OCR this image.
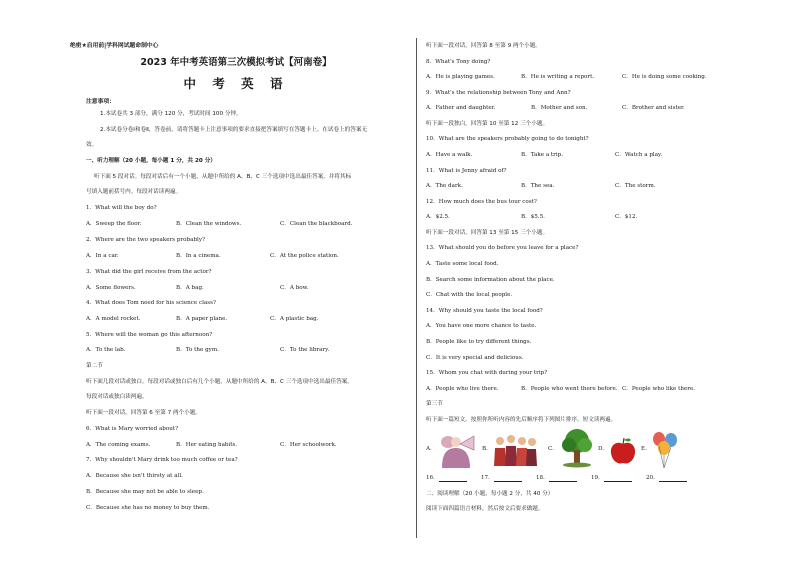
绝密★启用前|学科网试题命制中心
2023 年中考英语第三次模拟考试【河南卷】
中 考 英 语
注意事项：
1.本试卷共 3 部分，满分 120 分，考试时间 100 分钟。
2.本试卷分卷Ⅰ和卷Ⅱ，答卷前，请将答题卡上注意事项的要求直接把答案填写在答题卡上。在试卷上的答案无
效。
一、听力理解（20 小题，每小题 1 分，共 20 分）
听下面 5 段对话。每段对话后有一个小题，从题中所给的 A、B、C 三个选项中选出最佳答案，并将其标
号填入题前括号内。每段对话读两遍。
1．What will the boy do?
A．Sweep the floor.	B．Clean the windows.	C．Clean the blackboard.
2．Where are the two speakers probably?
A．In a car.	B．In a cinema.	C．At the police station.
3．What did the girl receive from the actor?
A．Some flowers.	B．A bag.	C．A bow.
4．What does Tom need for his science class?
A．A model rocket.	B．A paper plane.	C．A plastic bag.
5．Where will the woman go this afternoon?
A．To the lab.	B．To the gym.	C．To the library.
第二节
听下面几段对话或独白。每段对话或独白后有几个小题，从题中所给的 A、B、C 三个选项中选出最佳答案。
每段对话或独白读两遍。
听下面一段对话，回答第 6 至第 7 两个小题。
6．What is Mary worried about?
A．The coming exams.	B．Her eating habits.	C．Her schoolwork.
7．Why shouldn't Mary drink too much coffee or tea?
A．Because she isn't thirsty at all.
B．Because she may not be able to sleep.
C．Because she has no money to buy them.
听下面一段对话，回答第 8 至第 9 两个小题。
8．What's Tony doing?
A．He is playing games.	B．He is writing a report.	C．He is doing some cooking.
9．What's the relationship between Tony and Ann?
A．Father and daughter.	B．Mother and son.	C．Brother and sister.
听下面一段独白，回答第 10 至第 12 三个小题。
10．What are the speakers probably going to do tonight?
A．Have a walk.	B．Take a trip.	C．Watch a play.
11．What is Jenny afraid of?
A．The dark.	B．The sea.	C．The storm.
12．How much does the bus tour cost?
A．$2.5.	B．$5.5.	C．$12.
听下面一段对话，回答第 13 至第 15 三个小题。
13．What should you do before you leave for a place?
A．Taste some local food.
B．Search some information about the place.
C．Chat with the local people.
14．Why should you taste the local food?
A．You have one more chance to taste.
B．People like to try different things.
C．It is very special and delicious.
15．Whom you chat with during your trip?
A．People who live there.	B．People who went there before. C．People who like there.
第三节
听下面一篇短文。按照你所听内容的先后顺序将下列图片排序。短文读两遍。
A．	B．	C．	D．	E．
16．	17．	18．	19．	20．
二、阅读理解（20 小题，每小题 2 分，共 40 分）
阅读下面四篇语言材料，然后按文后要求做题。
